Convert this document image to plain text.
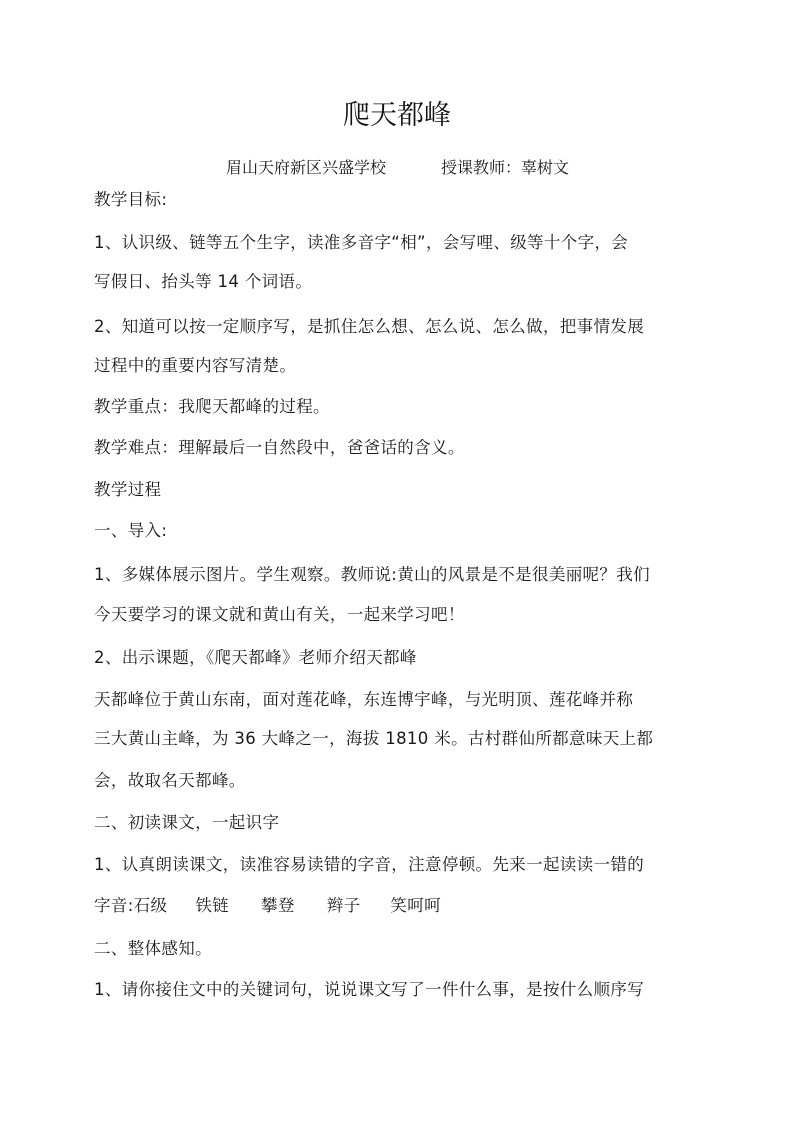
爬天都峰
眉山天府新区兴盛学校	授课教师：辜树文
教学目标:
1、认识级、链等五个生字，读准多音字“相”，会写哩、级等十个字，会
写假日、抬头等 14 个词语。
2、知道可以按一定顺序写，是抓住怎么想、怎么说、怎么做，把事情发展
过程中的重要内容写清楚。
教学重点：我爬天都峰的过程。
教学难点：理解最后一自然段中，爸爸话的含义。
教学过程
一、导入:
1、多媒体展示图片。学生观察。教师说:黄山的风景是不是很美丽呢？我们
今天要学习的课文就和黄山有关，一起来学习吧！
2、出示课题，《爬天都峰》老师介绍天都峰
天都峰位于黄山东南，面对莲花峰，东连博宇峰，与光明顶、莲花峰并称
三大黄山主峰，为 36 大峰之一，海拔 1810 米。古村群仙所都意味天上都
会，故取名天都峰。
二、初读课文，一起识字
1、认真朗读课文，读准容易读错的字音，注意停顿。先来一起读读一错的
字音:石级 铁链 攀登 辫子 笑呵呵
二、整体感知。
1、请你接住文中的关键词句，说说课文写了一件什么事，是按什么顺序写
